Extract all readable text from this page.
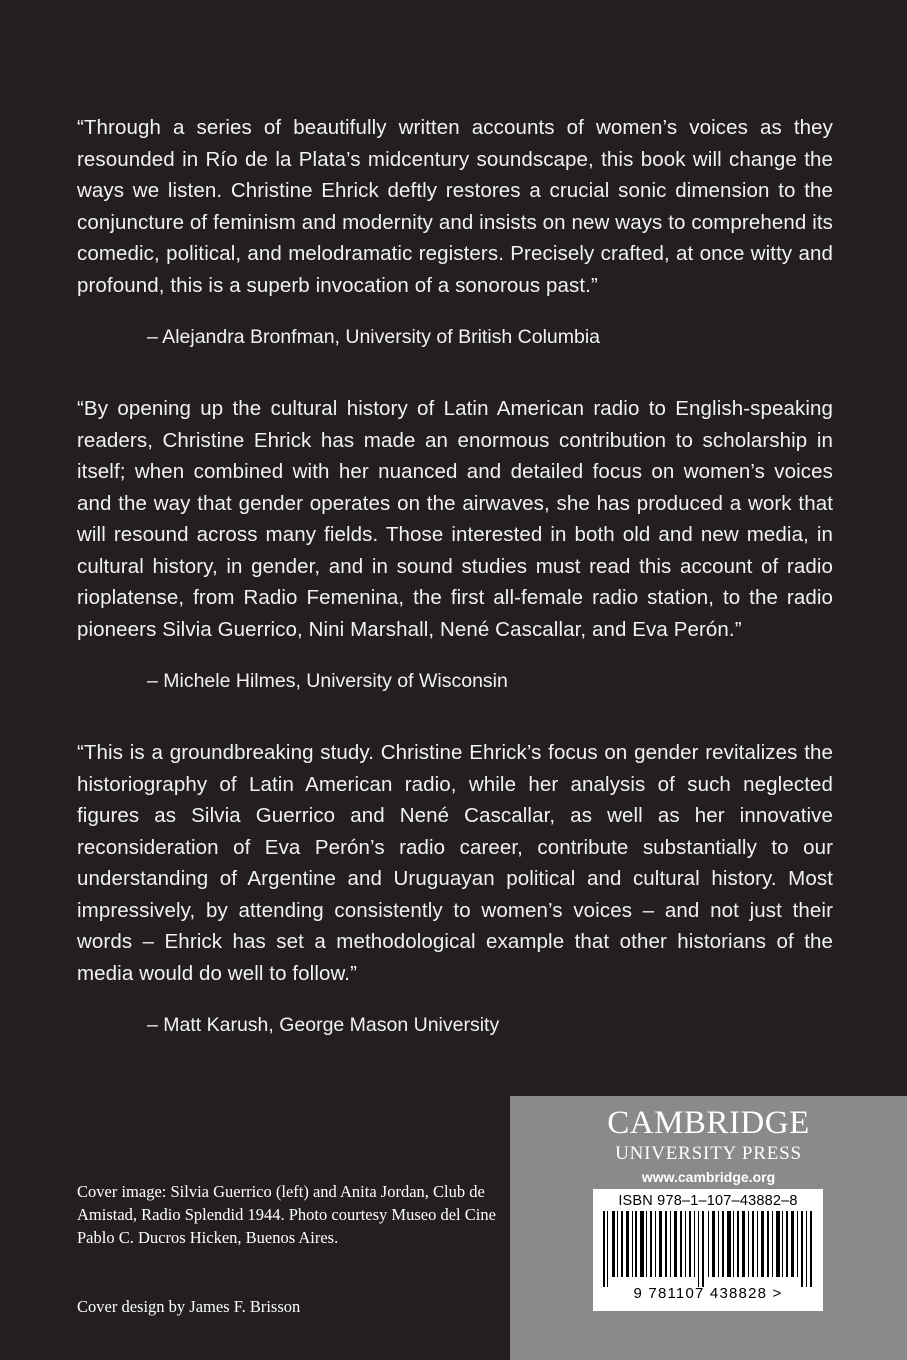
“Through a series of beautifully written accounts of women’s voices as they resounded in Río de la Plata’s midcentury soundscape, this book will change the ways we listen. Christine Ehrick deftly restores a crucial sonic dimension to the conjuncture of feminism and modernity and insists on new ways to comprehend its comedic, political, and melodramatic registers. Precisely crafted, at once witty and profound, this is a superb invocation of a sonorous past.”

– Alejandra Bronfman, University of British Columbia

“By opening up the cultural history of Latin American radio to English-speaking readers, Christine Ehrick has made an enormous contribution to scholarship in itself; when combined with her nuanced and detailed focus on women’s voices and the way that gender operates on the airwaves, she has produced a work that will resound across many fields. Those interested in both old and new media, in cultural history, in gender, and in sound studies must read this account of radio rioplatense, from Radio Femenina, the first all-female radio station, to the radio pioneers Silvia Guerrico, Nini Marshall, Nené Cascallar, and Eva Perón.”

– Michele Hilmes, University of Wisconsin

“This is a groundbreaking study. Christine Ehrick’s focus on gender revitalizes the historiography of Latin American radio, while her analysis of such neglected figures as Silvia Guerrico and Nené Cascallar, as well as her innovative reconsideration of Eva Perón’s radio career, contribute substantially to our understanding of Argentine and Uruguayan political and cultural history. Most impressively, by attending consistently to women’s voices – and not just their words – Ehrick has set a methodological example that other historians of the media would do well to follow.”

– Matt Karush, George Mason University

Cover image: Silvia Guerrico (left) and Anita Jordan, Club de Amistad, Radio Splendid 1944. Photo courtesy Museo del Cine Pablo C. Ducros Hicken, Buenos Aires.

Cover design by James F. Brisson

CAMBRIDGE
UNIVERSITY PRESS
www.cambridge.org
ISBN 978–1–107–43882–8
9 781107 438828 >
